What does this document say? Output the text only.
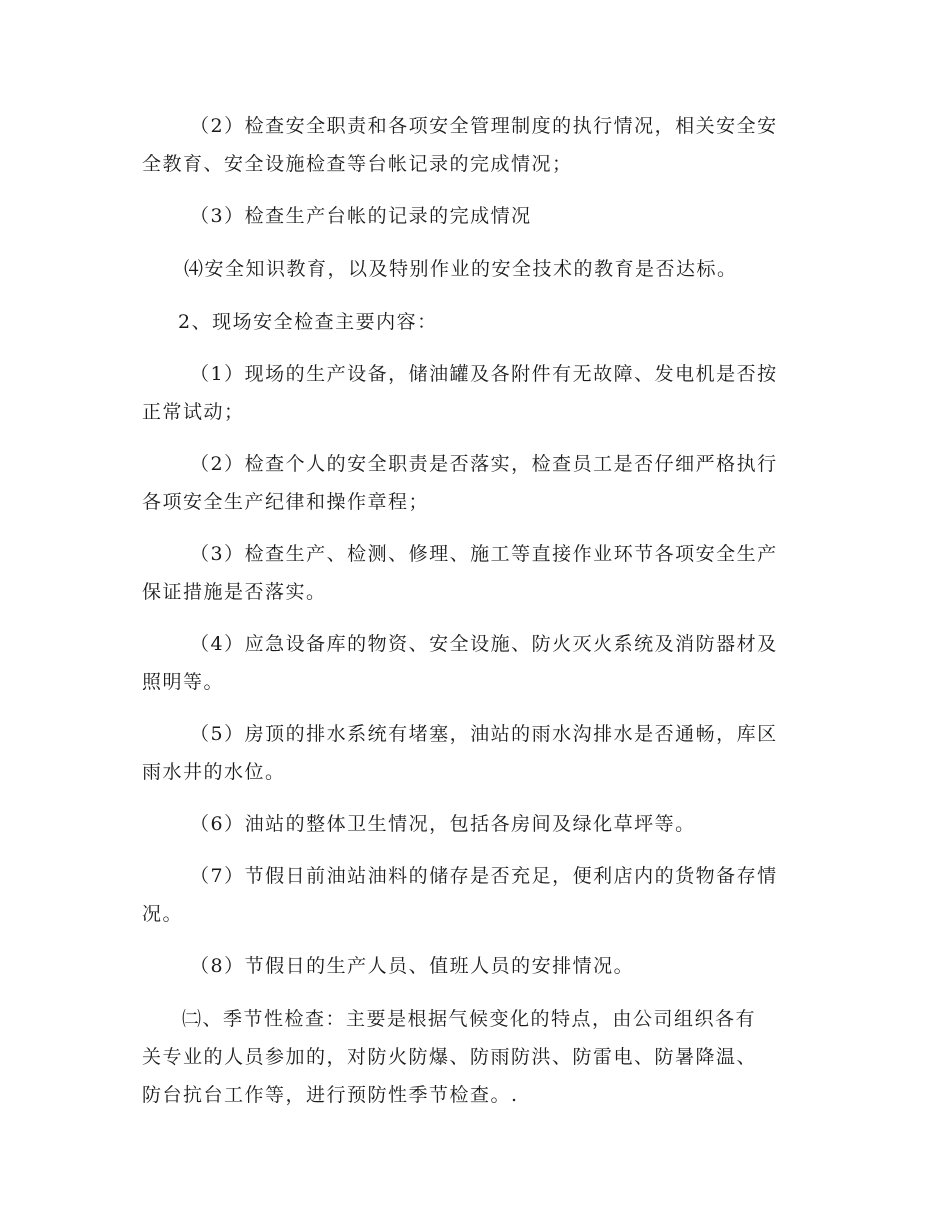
（2）检查安全职责和各项安全管理制度的执行情况，相关安全安
全教育、安全设施检查等台帐记录的完成情况；

（3）检查生产台帐的记录的完成情况

⑷安全知识教育，以及特别作业的安全技术的教育是否达标。

2、现场安全检查主要内容：

（1）现场的生产设备，储油罐及各附件有无故障、发电机是否按
正常试动；

（2）检查个人的安全职责是否落实，检查员工是否仔细严格执行
各项安全生产纪律和操作章程；

（3）检查生产、检测、修理、施工等直接作业环节各项安全生产
保证措施是否落实。

（4）应急设备库的物资、安全设施、防火灭火系统及消防器材及
照明等。

（5）房顶的排水系统有堵塞，油站的雨水沟排水是否通畅，库区
雨水井的水位。

（6）油站的整体卫生情况，包括各房间及绿化草坪等。

（7）节假日前油站油料的储存是否充足，便利店内的货物备存情
况。

（8）节假日的生产人员、值班人员的安排情况。

㈡、季节性检查：主要是根据气候变化的特点，由公司组织各有
关专业的人员参加的，对防火防爆、防雨防洪、防雷电、防暑降温、
防台抗台工作等，进行预防性季节检查。.
